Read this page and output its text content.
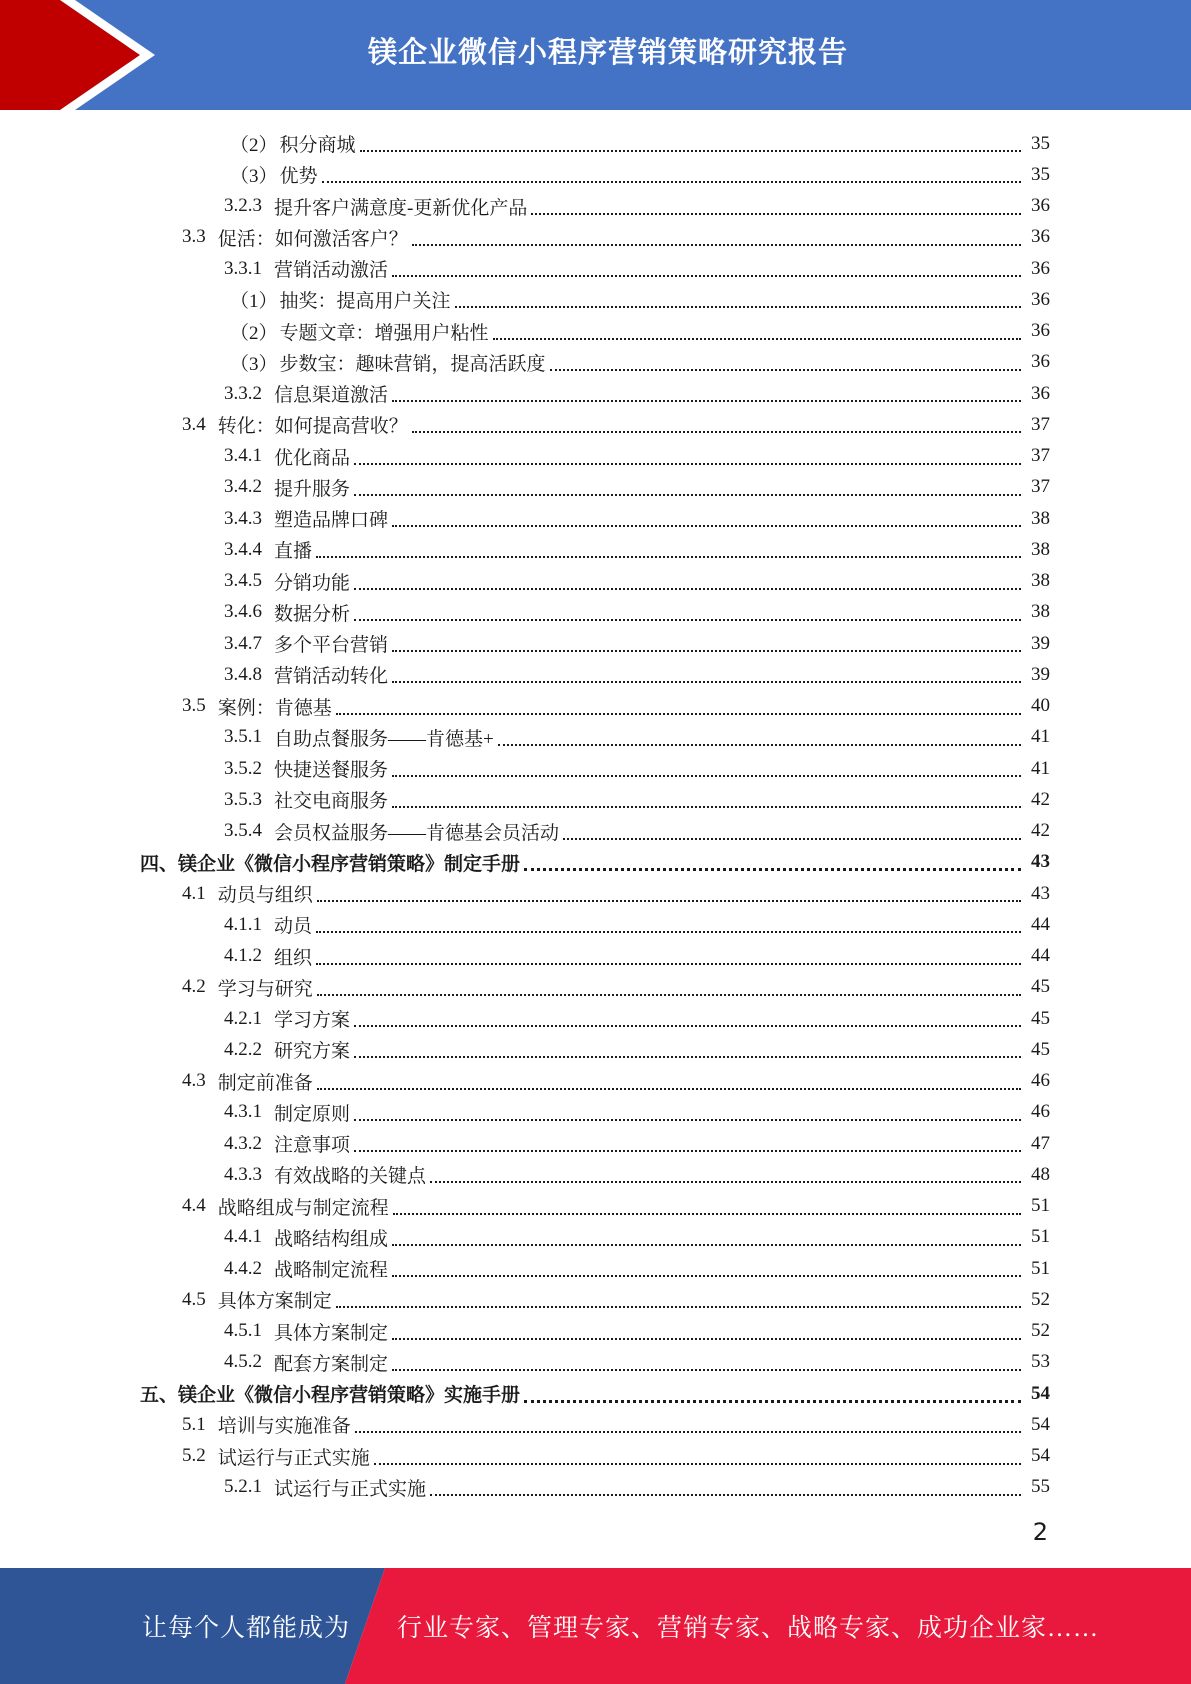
镁企业微信小程序营销策略研究报告
（2） 积分商城	35
（3） 优势	35
3.2.3 提升客户满意度-更新优化产品	36
3.3 促活：如何激活客户？	36
3.3.1 营销活动激活	36
（1） 抽奖：提高用户关注	36
（2） 专题文章：增强用户粘性	36
（3） 步数宝：趣味营销，提高活跃度	36
3.3.2 信息渠道激活	36
3.4 转化：如何提高营收？	37
3.4.1 优化商品	37
3.4.2 提升服务	37
3.4.3 塑造品牌口碑	38
3.4.4 直播	38
3.4.5 分销功能	38
3.4.6 数据分析	38
3.4.7 多个平台营销	39
3.4.8 营销活动转化	39
3.5 案例：肯德基	40
3.5.1 自助点餐服务——肯德基+	41
3.5.2 快捷送餐服务	41
3.5.3 社交电商服务	42
3.5.4 会员权益服务——肯德基会员活动	42
四、 镁企业《微信小程序营销策略》制定手册	43
4.1 动员与组织	43
4.1.1 动员	44
4.1.2 组织	44
4.2 学习与研究	45
4.2.1 学习方案	45
4.2.2 研究方案	45
4.3 制定前准备	46
4.3.1 制定原则	46
4.3.2 注意事项	47
4.3.3 有效战略的关键点	48
4.4 战略组成与制定流程	51
4.4.1 战略结构组成	51
4.4.2 战略制定流程	51
4.5 具体方案制定	52
4.5.1 具体方案制定	52
4.5.2 配套方案制定	53
五、 镁企业《微信小程序营销策略》实施手册	54
5.1 培训与实施准备	54
5.2 试运行与正式实施	54
5.2.1 试运行与正式实施	55
2
让每个人都能成为 行业专家、管理专家、营销专家、战略专家、成功企业家……
